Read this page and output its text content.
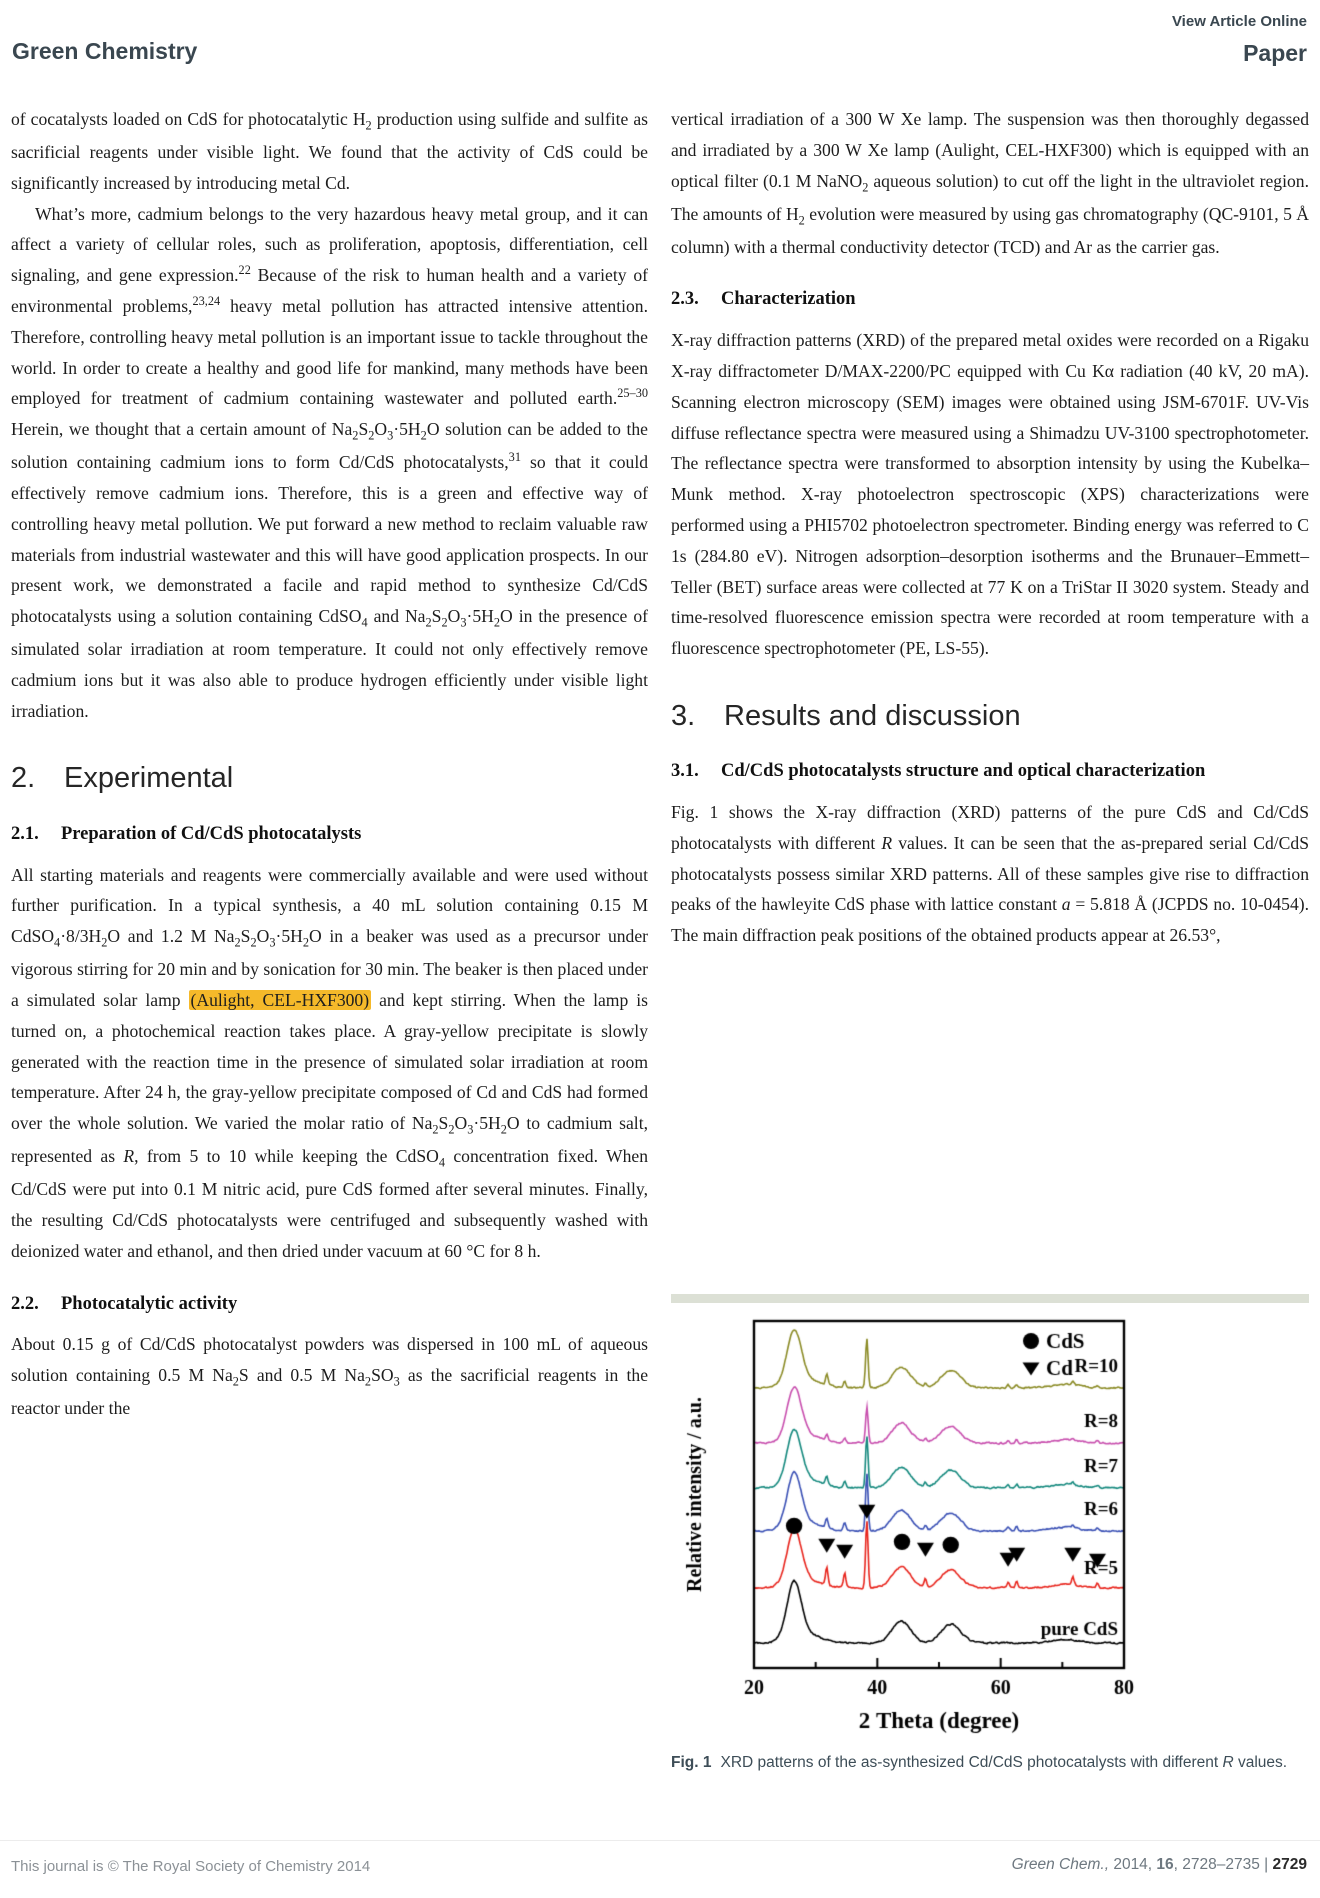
Green Chemistry
View Article Online
Paper

of cocatalysts loaded on CdS for photocatalytic $H_2$ production using sulfide and sulfite as sacrificial reagents under visible light. We found that the activity of CdS could be significantly increased by introducing metal Cd.

What’s more, cadmium belongs to the very hazardous heavy metal group, and it can affect a variety of cellular roles, such as proliferation, apoptosis, differentiation, cell signaling, and gene expression.$^{22}$ Because of the risk to human health and a variety of environmental problems,$^{23,24}$ heavy metal pollution has attracted intensive attention. Therefore, controlling heavy metal pollution is an important issue to tackle throughout the world. In order to create a healthy and good life for mankind, many methods have been employed for treatment of cadmium containing wastewater and polluted earth.$^{25-30}$ Herein, we thought that a certain amount of $Na_2S_2O_3\cdot 5H_2O$ solution can be added to the solution containing cadmium ions to form Cd/CdS photocatalysts,$^{31}$ so that it could effectively remove cadmium ions. Therefore, this is a green and effective way of controlling heavy metal pollution. We put forward a new method to reclaim valuable raw materials from industrial wastewater and this will have good application prospects. In our present work, we demonstrated a facile and rapid method to synthesize Cd/CdS photocatalysts using a solution containing CdSO$_4$ and $Na_2S_2O_3\cdot 5H_2O$ in the presence of simulated solar irradiation at room temperature. It could not only effectively remove cadmium ions but it was also able to produce hydrogen efficiently under visible light irradiation.

2. Experimental
2.1. Preparation of Cd/CdS photocatalysts

All starting materials and reagents were commercially available and were used without further purification. In a typical synthesis, a 40 mL solution containing 0.15 M $CdSO_4\cdot 8/3H_2O$ and 1.2 M $Na_2S_2O_3\cdot 5H_2O$ in a beaker was used as a precursor under vigorous stirring for 20 min and by sonication for 30 min. The beaker is then placed under a simulated solar lamp (Aulight, CEL-HXF300) and kept stirring. When the lamp is turned on, a photochemical reaction takes place. A gray-yellow precipitate is slowly generated with the reaction time in the presence of simulated solar irradiation at room temperature. After 24 h, the gray-yellow precipitate composed of Cd and CdS had formed over the whole solution. We varied the molar ratio of $Na_2S_2O_3\cdot 5H_2O$ to cadmium salt, represented as R, from 5 to 10 while keeping the CdSO$_4$ concentration fixed. When Cd/CdS were put into 0.1 M nitric acid, pure CdS formed after several minutes. Finally, the resulting Cd/CdS photocatalysts were centrifuged and subsequently washed with deionized water and ethanol, and then dried under vacuum at 60 °C for 8 h.

2.2. Photocatalytic activity

About 0.15 g of Cd/CdS photocatalyst powders was dispersed in 100 mL of aqueous solution containing 0.5 M $Na_2S$ and 0.5 M $Na_2SO_3$ as the sacrificial reagents in the reactor under the

vertical irradiation of a 300 W Xe lamp. The suspension was then thoroughly degassed and irradiated by a 300 W Xe lamp (Aulight, CEL-HXF300) which is equipped with an optical filter (0.1 M NaNO$_2$ aqueous solution) to cut off the light in the ultraviolet region. The amounts of $H_2$ evolution were measured by using gas chromatography (QC-9101, 5 Å column) with a thermal conductivity detector (TCD) and Ar as the carrier gas.

2.3. Characterization

X-ray diffraction patterns (XRD) of the prepared metal oxides were recorded on a Rigaku X-ray diffractometer D/MAX-2200/PC equipped with Cu Kα radiation (40 kV, 20 mA). Scanning electron microscopy (SEM) images were obtained using JSM-6701F. UV-Vis diffuse reflectance spectra were measured using a Shimadzu UV-3100 spectrophotometer. The reflectance spectra were transformed to absorption intensity by using the Kubelka–Munk method. X-ray photoelectron spectroscopic (XPS) characterizations were performed using a PHI5702 photoelectron spectrometer. Binding energy was referred to C 1s (284.80 eV). Nitrogen adsorption–desorption isotherms and the Brunauer–Emmett–Teller (BET) surface areas were collected at 77 K on a TriStar II 3020 system. Steady and time-resolved fluorescence emission spectra were recorded at room temperature with a fluorescence spectrophotometer (PE, LS-55).

3. Results and discussion
3.1. Cd/CdS photocatalysts structure and optical characterization

Fig. 1 shows the X-ray diffraction (XRD) patterns of the pure CdS and Cd/CdS photocatalysts with different R values. It can be seen that the as-prepared serial Cd/CdS photocatalysts possess similar XRD patterns. All of these samples give rise to diffraction peaks of the hawleyite CdS phase with lattice constant a = 5.818 Å (JCPDS no. 10-0454). The main diffraction peak positions of the obtained products appear at 26.53°,

Fig. 1 XRD patterns of the as-synthesized Cd/CdS photocatalysts with different R values.
This journal is © The Royal Society of Chemistry 2014	Green Chem., 2014, 16, 2728–2735 | 2729
